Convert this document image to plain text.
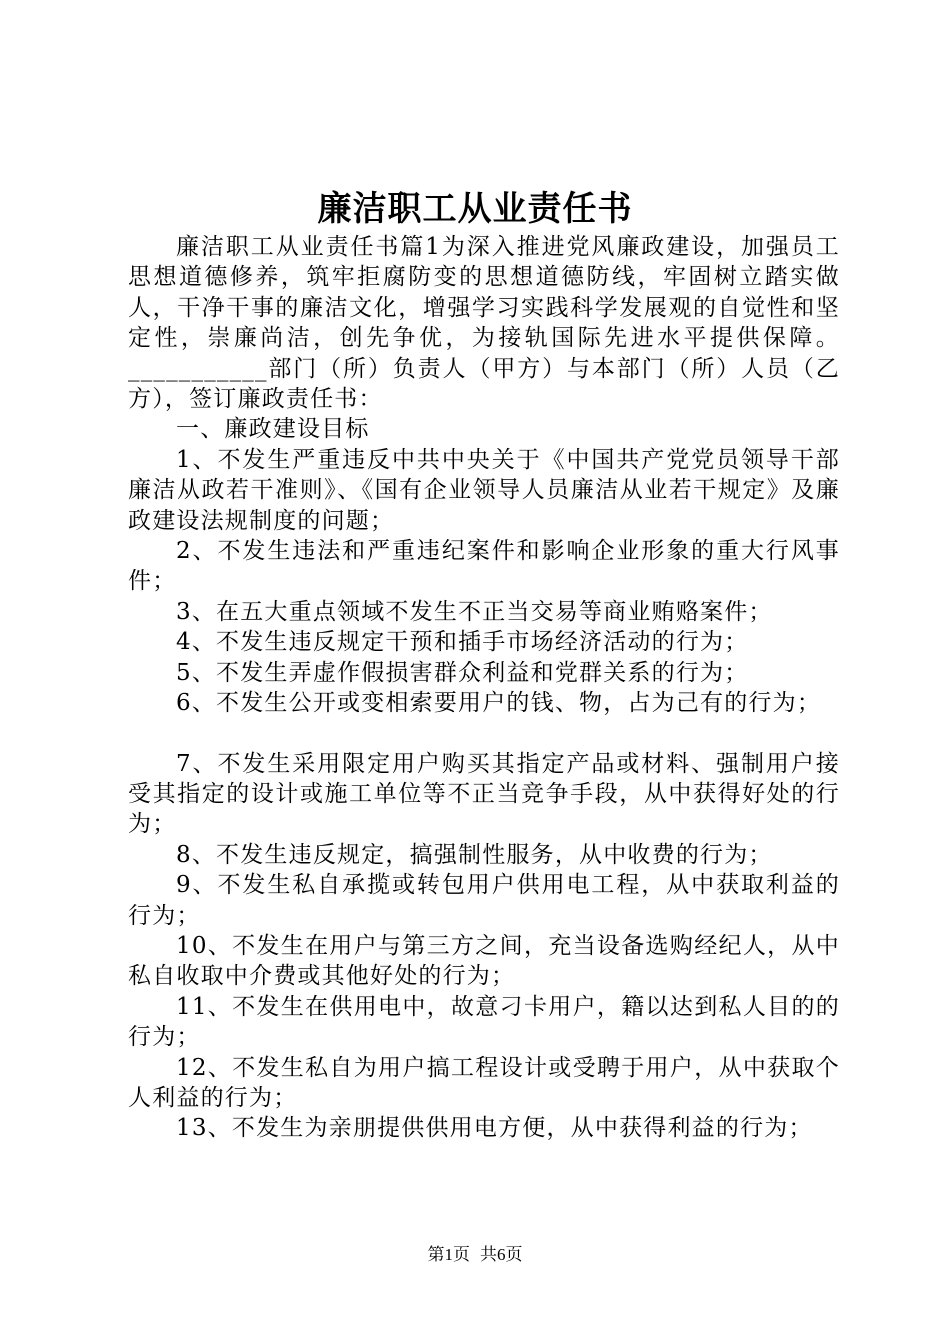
廉洁职工从业责任书

廉洁职工从业责任书篇1为深入推进党风廉政建设，加强员工思想道德修养，筑牢拒腐防变的思想道德防线，牢固树立踏实做人，干净干事的廉洁文化，增强学习实践科学发展观的自觉性和坚定性，崇廉尚洁，创先争优，为接轨国际先进水平提供保障。___________部门（所）负责人（甲方）与本部门（所）人员（乙方），签订廉政责任书：

一、廉政建设目标

1、不发生严重违反中共中央关于《中国共产党党员领导干部廉洁从政若干准则》、《国有企业领导人员廉洁从业若干规定》及廉政建设法规制度的问题；

2、不发生违法和严重违纪案件和影响企业形象的重大行风事件；

3、在五大重点领域不发生不正当交易等商业贿赂案件；

4、不发生违反规定干预和插手市场经济活动的行为；

5、不发生弄虚作假损害群众利益和党群关系的行为；

6、不发生公开或变相索要用户的钱、物，占为己有的行为；

7、不发生采用限定用户购买其指定产品或材料、强制用户接受其指定的设计或施工单位等不正当竞争手段，从中获得好处的行为；

8、不发生违反规定，搞强制性服务，从中收费的行为；

9、不发生私自承揽或转包用户供用电工程，从中获取利益的行为；

10、不发生在用户与第三方之间，充当设备选购经纪人，从中私自收取中介费或其他好处的行为；

11、不发生在供用电中，故意刁卡用户，籍以达到私人目的的行为；

12、不发生私自为用户搞工程设计或受聘于用户，从中获取个人利益的行为；

13、不发生为亲朋提供供用电方便，从中获得利益的行为；

第1页 共6页
